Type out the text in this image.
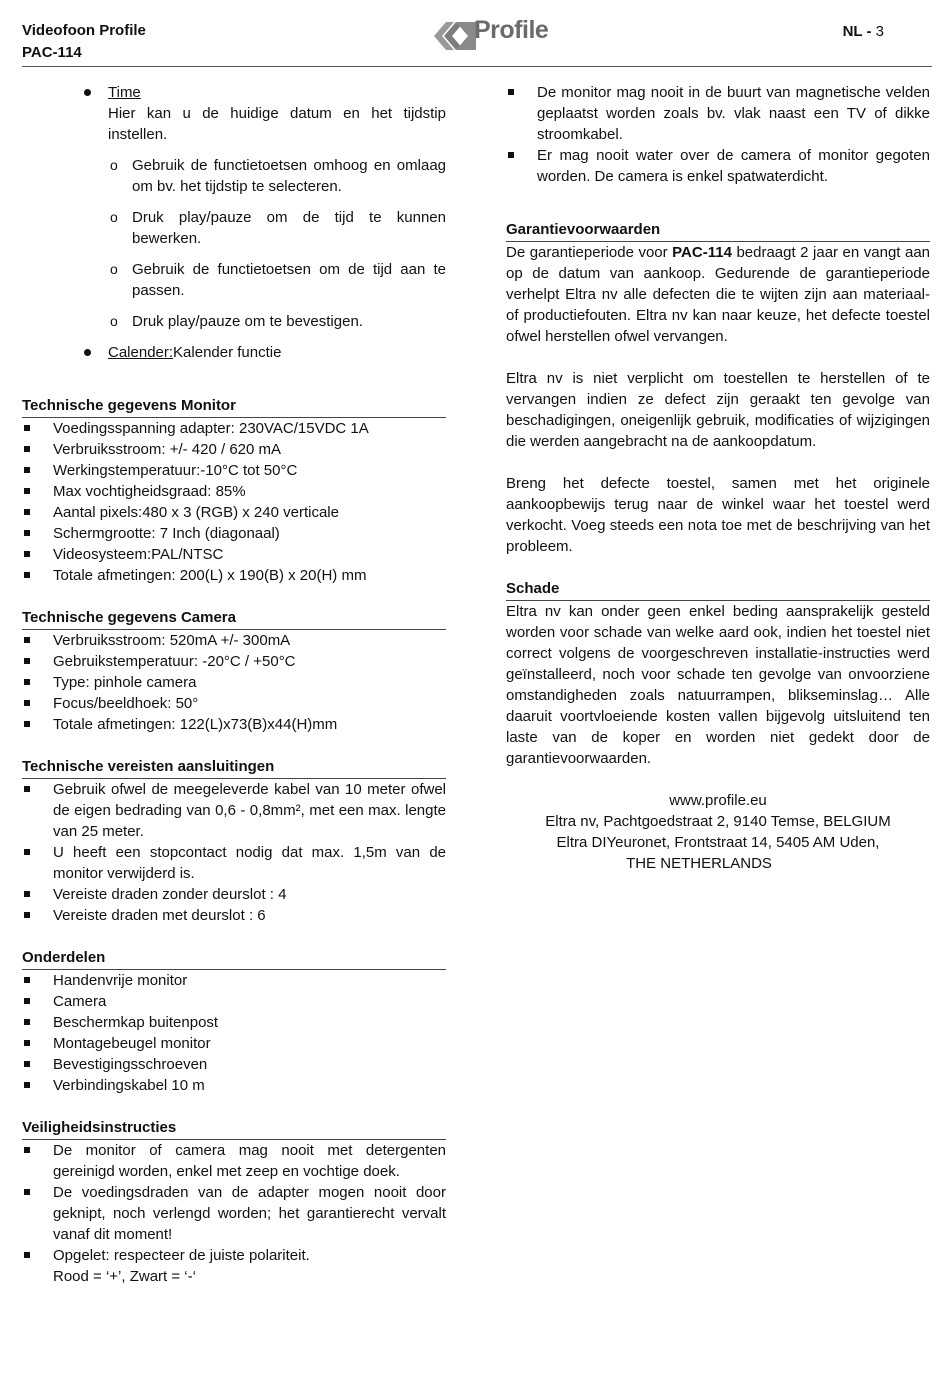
Videofoon Profile
PAC-114
Profile	NL - 3
Time
Hier kan u de huidige datum en het tijdstip instellen.
o Gebruik de functietoetsen omhoog en omlaag om bv. het tijdstip te selecteren.
o Druk play/pauze om de tijd te kunnen bewerken.
o Gebruik de functietoetsen om de tijd aan te passen.
o Druk play/pauze om te bevestigen.
Calender:Kalender functie
Technische gegevens Monitor
Voedingsspanning adapter: 230VAC/15VDC 1A
Verbruiksstroom: +/- 420 / 620 mA
Werkingstemperatuur:-10°C tot 50°C
Max vochtigheidsgraad: 85%
Aantal pixels:480 x 3 (RGB) x 240 verticale
Schermgrootte: 7 Inch (diagonaal)
Videosysteem:PAL/NTSC
Totale afmetingen: 200(L) x 190(B) x 20(H) mm
Technische gegevens Camera
Verbruiksstroom: 520mA +/- 300mA
Gebruikstemperatuur: -20°C / +50°C
Type: pinhole camera
Focus/beeldhoek: 50°
Totale afmetingen: 122(L)x73(B)x44(H)mm
Technische vereisten aansluitingen
Gebruik ofwel de meegeleverde kabel van 10 meter ofwel de eigen bedrading van 0,6 - 0,8mm², met een max. lengte van 25 meter.
U heeft een stopcontact nodig dat max. 1,5m van de monitor verwijderd is.
Vereiste draden zonder deurslot : 4
Vereiste draden met deurslot : 6
Onderdelen
Handenvrije monitor
Camera
Beschermkap buitenpost
Montagebeugel monitor
Bevestigingsschroeven
Verbindingskabel 10 m
Veiligheidsinstructies
De monitor of camera mag nooit met detergenten gereinigd worden, enkel met zeep en vochtige doek.
De voedingsdraden van de adapter mogen nooit door geknipt, noch verlengd worden; het garantierecht vervalt vanaf dit moment!
Opgelet: respecteer de juiste polariteit.
Rood = ‘+’, Zwart = ‘-‘
De monitor mag nooit in de buurt van magnetische velden geplaatst worden zoals bv. vlak naast een TV of dikke stroomkabel.
Er mag nooit water over de camera of monitor gegoten worden. De camera is enkel spatwaterdicht.
Garantievoorwaarden

De garantieperiode voor PAC-114 bedraagt 2 jaar en vangt aan op de datum van aankoop. Gedurende de garantieperiode verhelpt Eltra nv alle defecten die te wijten zijn aan materiaal- of productiefouten. Eltra nv kan naar keuze, het defecte toestel ofwel herstellen ofwel vervangen.

Eltra nv is niet verplicht om toestellen te herstellen of te vervangen indien ze defect zijn geraakt ten gevolge van beschadigingen, oneigenlijk gebruik, modificaties of wijzigingen die werden aangebracht na de aankoopdatum.

Breng het defecte toestel, samen met het originele aankoopbewijs terug naar de winkel waar het toestel werd verkocht. Voeg steeds een nota toe met de beschrijving van het probleem.

Schade

Eltra nv kan onder geen enkel beding aansprakelijk gesteld worden voor schade van welke aard ook, indien het toestel niet correct volgens de voorgeschreven installatie-instructies werd geïnstalleerd, noch voor schade ten gevolge van onvoorziene omstandigheden zoals natuurrampen, blikseminslag… Alle daaruit voortvloeiende kosten vallen bijgevolg uitsluitend ten laste van de koper en worden niet gedekt door de garantievoorwaarden.

www.profile.eu
Eltra nv, Pachtgoedstraat 2, 9140 Temse, BELGIUM
Eltra DIYeuronet, Frontstraat 14, 5405 AM Uden,
THE NETHERLANDS
